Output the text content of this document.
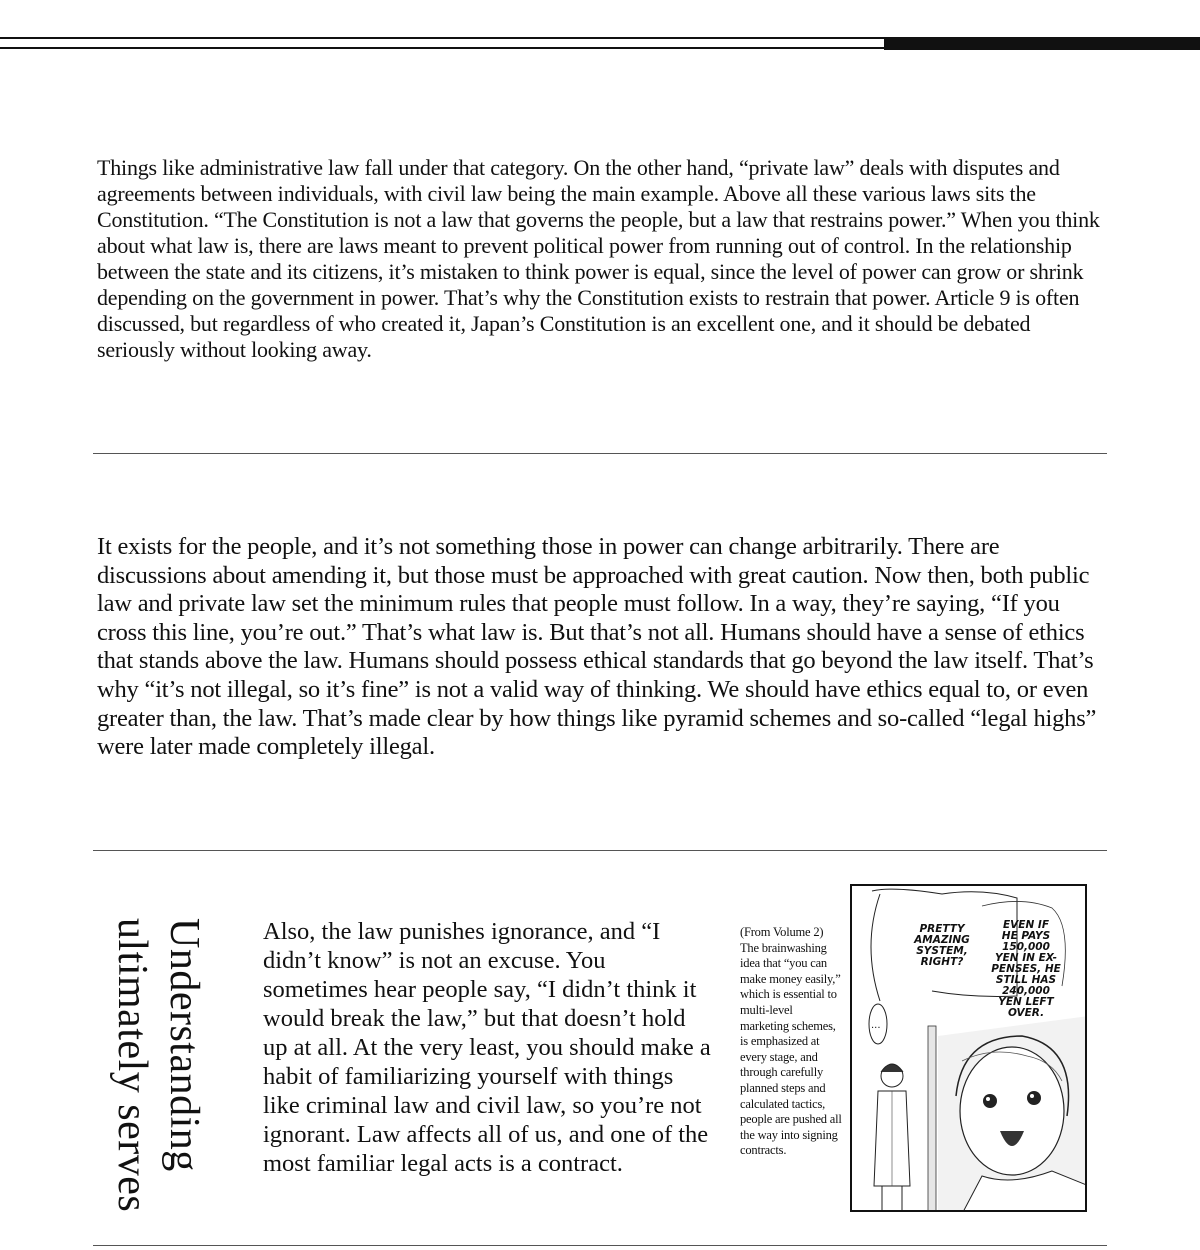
Things like administrative law fall under that category. On the other hand, “private law” deals with disputes and agreements between individuals, with civil law being the main example. Above all these various laws sits the Constitution. “The Constitution is not a law that governs the people, but a law that restrains power.” When you think about what law is, there are laws meant to prevent political power from running out of control. In the relationship between the state and its citizens, it’s mistaken to think power is equal, since the level of power can grow or shrink depending on the government in power. That’s why the Constitution exists to restrain that power. Article 9 is often discussed, but regardless of who created it, Japan’s Constitution is an excellent one, and it should be debated seriously without looking away.

It exists for the people, and it’s not something those in power can change arbitrarily. There are discussions about amending it, but those must be approached with great caution. Now then, both public law and private law set the minimum rules that people must follow. In a way, they’re saying, “If you cross this line, you’re out.” That’s what law is. But that’s not all. Humans should have a sense of ethics that stands above the law. Humans should possess ethical standards that go beyond the law itself. That’s why “it’s not illegal, so it’s fine” is not a valid way of thinking. We should have ethics equal to, or even greater than, the law. That’s made clear by how things like pyramid schemes and so-called “legal highs” were later made completely illegal.

Understanding
ultimately serves	Also, the law punishes ignorance, and “I didn’t know” is not an excuse. You sometimes hear people say, “I didn’t think it would break the law,” but that doesn’t hold up at all. At the very least, you should make a habit of familiarizing yourself with things like criminal law and civil law, so you’re not ignorant. Law affects all of us, and one of the most familiar legal acts is a contract.

(From Volume 2) The brainwashing idea that “you can make money easily,” which is essential to multi-level marketing schemes, is emphasized at every stage, and through carefully planned steps and calculated tactics, people are pushed all the way into signing contracts.

PRETTY
AMAZING
SYSTEM,
RIGHT?
EVEN IF
HE PAYS
150,000
YEN IN EX-
PENSES, HE
STILL HAS
240,000
YEN LEFT
OVER.
...
